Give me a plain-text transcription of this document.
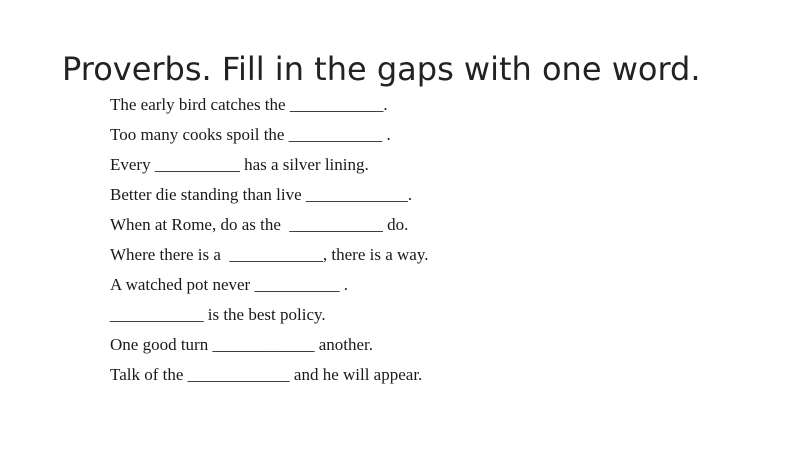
Proverbs. Fill in the gaps with one word.

The early bird catches the ___________.

Too many cooks spoil the ___________ .

Every __________ has a silver lining.

Better die standing than live ____________.

When at Rome, do as the  ___________ do.

Where there is a  ___________, there is a way.

A watched pot never __________ .

___________ is the best policy.

One good turn ____________ another.

Talk of the ____________ and he will appear.
